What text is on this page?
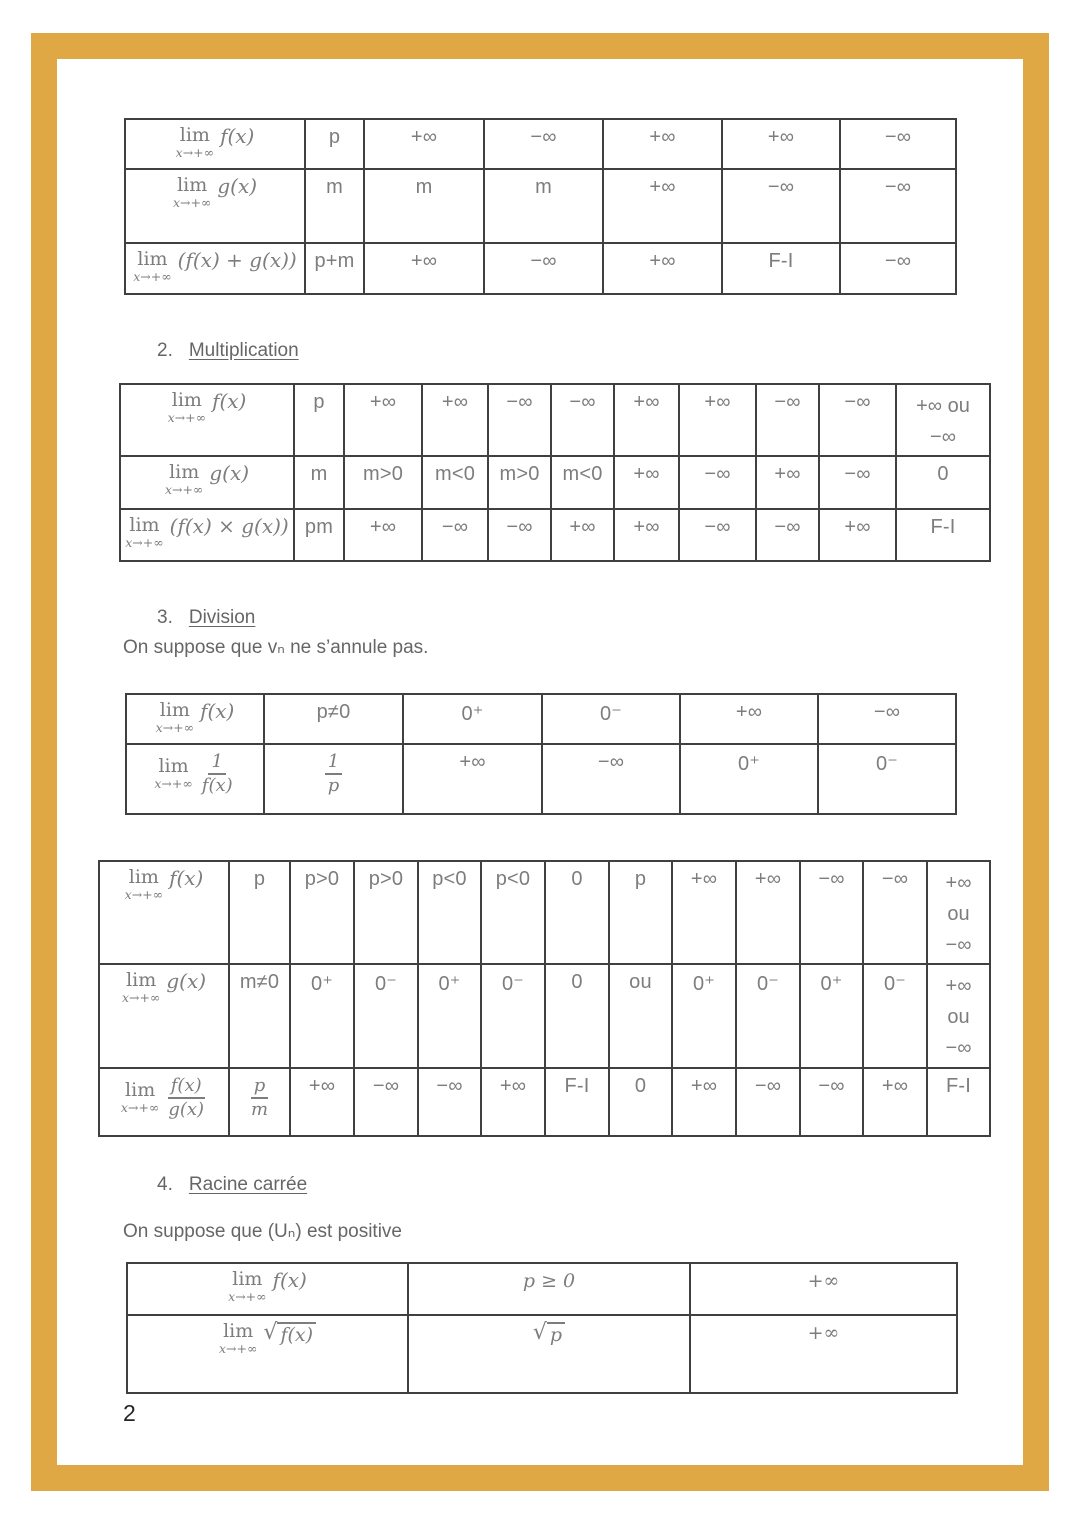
lim
x→+∞
f(x)	p	+∞	−∞	+∞	+∞	−∞

lim
x→+∞
g(x)	m	m	m	+∞	−∞	−∞

lim
x→+∞
(f(x) + g(x))	p+m	+∞	−∞	+∞	F-I	−∞
2. Multiplication
lim
x→+∞
f(x)	p	+∞	+∞	−∞	−∞	+∞	+∞	−∞	−∞	+∞ ou
−∞

lim
x→+∞
g(x)	m	m>0	m<0	m>0	m<0	+∞	−∞	+∞	−∞	0

lim
x→+∞
(f(x) × g(x))	pm	+∞	−∞	−∞	+∞	+∞	−∞	−∞	+∞	F-I
3. Division
On suppose que vₙ ne s’annule pas.
lim
x→+∞
f(x)	p≠0	0⁺	0⁻	+∞	−∞

lim
$x\to+\infty \frac{1}{f(x)}$	$\frac{1}{p}$	+∞	−∞	0⁺	0⁻
lim
x→+∞
f(x)	p	p>0	p>0	p<0	p<0	0	p	+∞	+∞	−∞	−∞	+∞
ou
−∞

lim
x→+∞
g(x)	m≠0	0⁺	0⁻	0⁺	0⁻	0	ou	0⁺	0⁻	0⁺	0⁻	+∞
ou
−∞

lim
$x\to+\infty \frac{f(x)}{g(x)}$	$\frac{p}{m}$	+∞	−∞	−∞	+∞	F-I	0	+∞	−∞	−∞	+∞	F-I
4. Racine carrée
On suppose que (Uₙ) est positive
lim
x→+∞
f(x)	p ≥ 0	+∞

lim
x→+∞
√ f(x)	√ p	+∞
2
